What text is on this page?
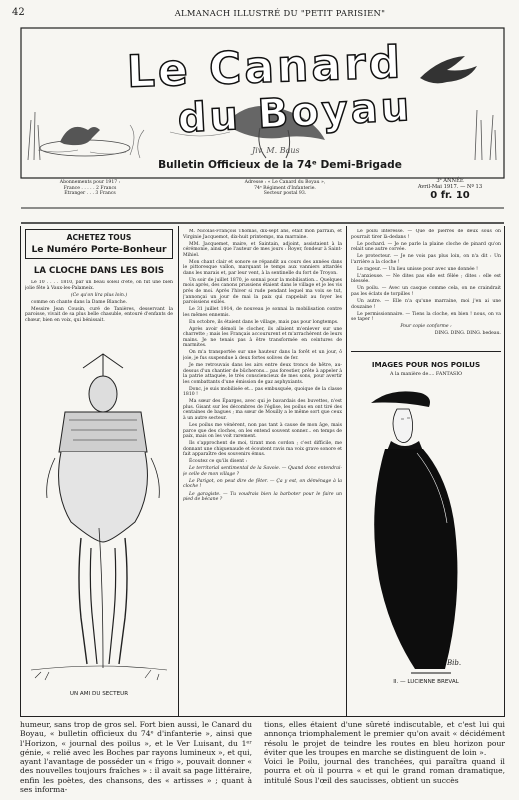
42	ALMANACH ILLUSTRÉ DU "PETIT PARISIEN"
Le Canard
du Boyau
Jiv. M. Baus
Bulletin Officieux de la 74ᵉ Demi-Brigade
Abonnements pour 1917 :
France . . . . . 2 Francs
Étranger . . . 3 Francs
Adresse : « Le Canard du Boyau »,
74ᵉ Régiment d'Infanterie.
Secteur postal 93.
3ᵉ ANNÉE
Avril-Mai 1917. — Nº 13
0 fr. 10
ACHETEZ TOUS
Le Numéro Porte-Bonheur
LA CLOCHE DANS LES BOIS

Le 10 . . . . 1810, par un beau soleil d'été, on fut une bien jolie fête à Vaux-les-Palameix.

(Ce qu'on lira plus loin.)

comme on chante dans la Dame Blanche.

Messire Jean Cousin, curé de Tanières, desservant la paroisse, vivait de sa plus belle chasuble, entouré d'enfants de chœur, bien en voix, qui bénissait.

UN AMI DU SECTEUR

M. Nicolas-François Thomas, dix-sept ans, était mon parrain, et Virginie Jacquemot, dix-huit printemps, ma marraine.

MM. Jacquemet, maire, et Saintain, adjoint, assistaient à la cérémonie, ainsi que l'auteur de mes jours : Royer, fondeur à Saint-Mihiel.

Mon chant clair et sonore se répandit au cours des années dans le pittoresque vallon, marquant le temps aux vanniers attardés dans les marais et, par leur vent, à la sentinelle du fort de Troyon.

Un soir de juillet 1870, je sonnai pour la mobilisation... Quelques mois après, des canons prussiens étaient dans le village et je les vis près de moi. Après l'hiver si rude pendant lequel ma voix se tut, j'annonçai un jour de mai la paix qui rappelait au foyer les paroissiens exilés.

Le 31 juillet 1914, de nouveau je sonnai la mobilisation contre les mêmes ennemis.

En octobre, ils étaient dans le village, mais pas pour longtemps.

Après avoir démoli le clocher, ils allaient m'enlever sur une charrette ; mais les Français accoururent et m'arrachèrent de leurs mains. Je ne tenais pas à être transformée en ceintures de marmites.

On m'a transportée sur une hauteur dans la forêt et un jour, ô joie, je fus suspendue à deux fortes solives de fer.

Je me retrouvais dans les airs entre deux troncs de hêtre, au-dessus d'un chantier de bûcherons... pas forestier, prête à appeler à la patrie attaquée, le très consciencieux de mes sons, pour avertir les combattants d'une émission de gaz asphyxiants.

Donc, je suis mobilisée et... pas embusquée, quoique de la classe 1810 !

Ma sœur des Éparges, avec qui je bavardais des buvettes, n'est plus. Gisant sur les décombres de l'église, les poilus en ont tiré des centaines de bagues ; ma sœur de Mouilly a le même sort que ceux à un autre secteur.

Les poilus me vénèrent, non pas tant à cause de mon âge, mais parce que des cloches, on les entend souvent sonner... en temps de paix, mais on les voit rarement.

Ils s'approchent de moi, tirant mon cordon ; c'est difficile, me donnant une chiquenaude et écoutent ravis ma voix grave sonore et fait apparaître des souvenirs émus.

Écoutez ce qu'ils disent :

Le territorial sentimental de la Savoie. — Quand donc entendrai-je celle de mon village ?

Le Parigot, on peut dire de fêter. — Ça y est, on déménage à la cloche !

Le garagiste. — Tu voudrais bien la barboter pour le faire un pied de bécane ?

Le poilu intéressé. — Que de pierres de deux sous on pourrait tirer là-dedans !

Le pochard. — Je ne parle la plaine cloche de pinard qu'on relait une autre corvée.

Le protecteur. — Je ne vois pas plus loin, on n'a dit : Un l'arrière a la cloche !

Le rageur. — Un lieu unisse pour avec une donnée !

L'anxieuse. — Ne dites pas elle est fêlée ; dites : elle est blessée.

Un poilu. — Avec un casque comme cela, on ne craindrait pas les éclats de torpilles !

Un autre. — Elle n'a qu'une marraine, moi j'en ai une douzaine !

Le permissionnaire. — Tiens la cloche, en bien ! nous, on va se taper !

Pour copie conforme :

DING. DING. DING. bedeau.

IMAGES POUR NOS POILUS
A la manière de.... FANTASIO
Bib.
II. — LUCIENNE BREVAL
humeur, sans trop de gros sel. Fort bien aussi, le Canard du Boyau, « bulletin officieux du 74ᵉ d'infanterie », ainsi que l'Horizon, « journal des poilus », et le Ver Luisant, du 1ᵉʳ génie, « relié avec les Boches par rayons lumineux », et qui, ayant l'avantage de posséder un « frigo », pouvait donner « des nouvelles toujours fraîches » : il avait sa page littéraire, enfin les poètes, des chansons, des « artisses » ; quant à ses informa-
tions, elles étaient d'une sûreté indiscutable, et c'est lui qui annonça triomphalement le premier qu'on avait « décidément résolu le projet de teindre les routes en bleu horizon pour éviter que les troupes en marche se distinguent de loin ».
Voici le Poilu, journal des tranchées, qui paraîtra quand il pourra et où il pourra « et qui le grand roman dramatique, intitulé Sous l'œil des saucisses, obtient un succès
